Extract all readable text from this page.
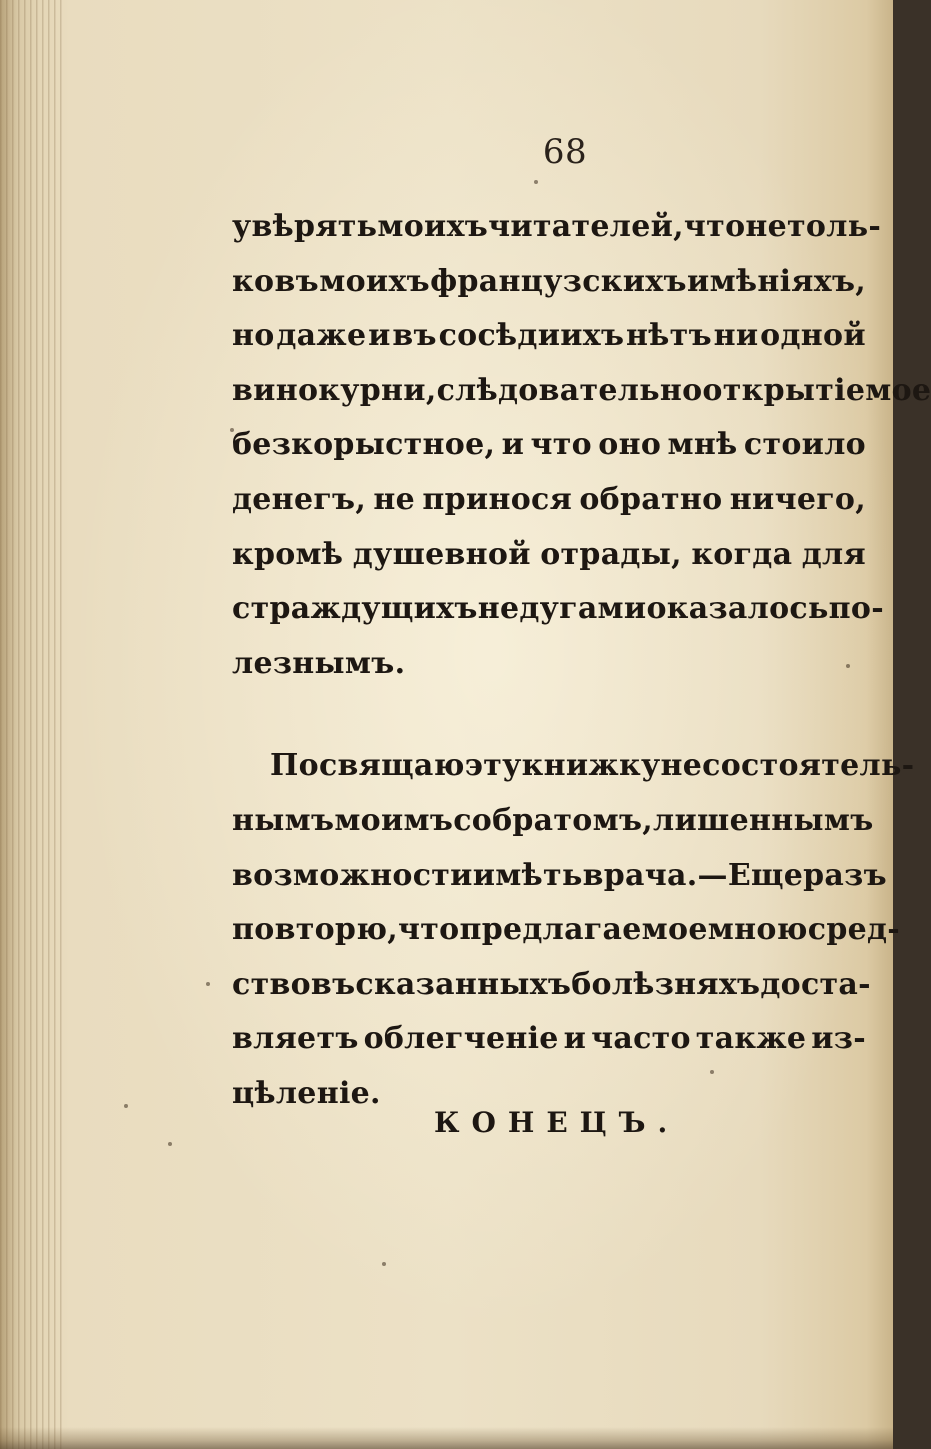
68
увѣрять моихъ читателей, что не толь-
ко въ моихъ французскихъ имѣніяхъ,
но даже и въ сосѣдиихъ нѣтъ ни одной
винокурни, слѣдовательно открытіе мое
безкорыстное, и что оно мнѣ стоило
денегъ, не принося обратно ничего,
кромѣ душевной отрады, когда для
страждущихъ недугами оказалось по-
лезнымъ.
Посвящаю эту книжку несостоятель-
нымъ моимъ собратомъ, лишеннымъ
возможности имѣть врача. — Еще разъ
повторю, что предлагаемое мною сред-
ство въ сказанныхъ болѣзняхъ доста-
вляетъ облегченіе и часто также из-
цѣленіе.
КОНЕЦЪ.
